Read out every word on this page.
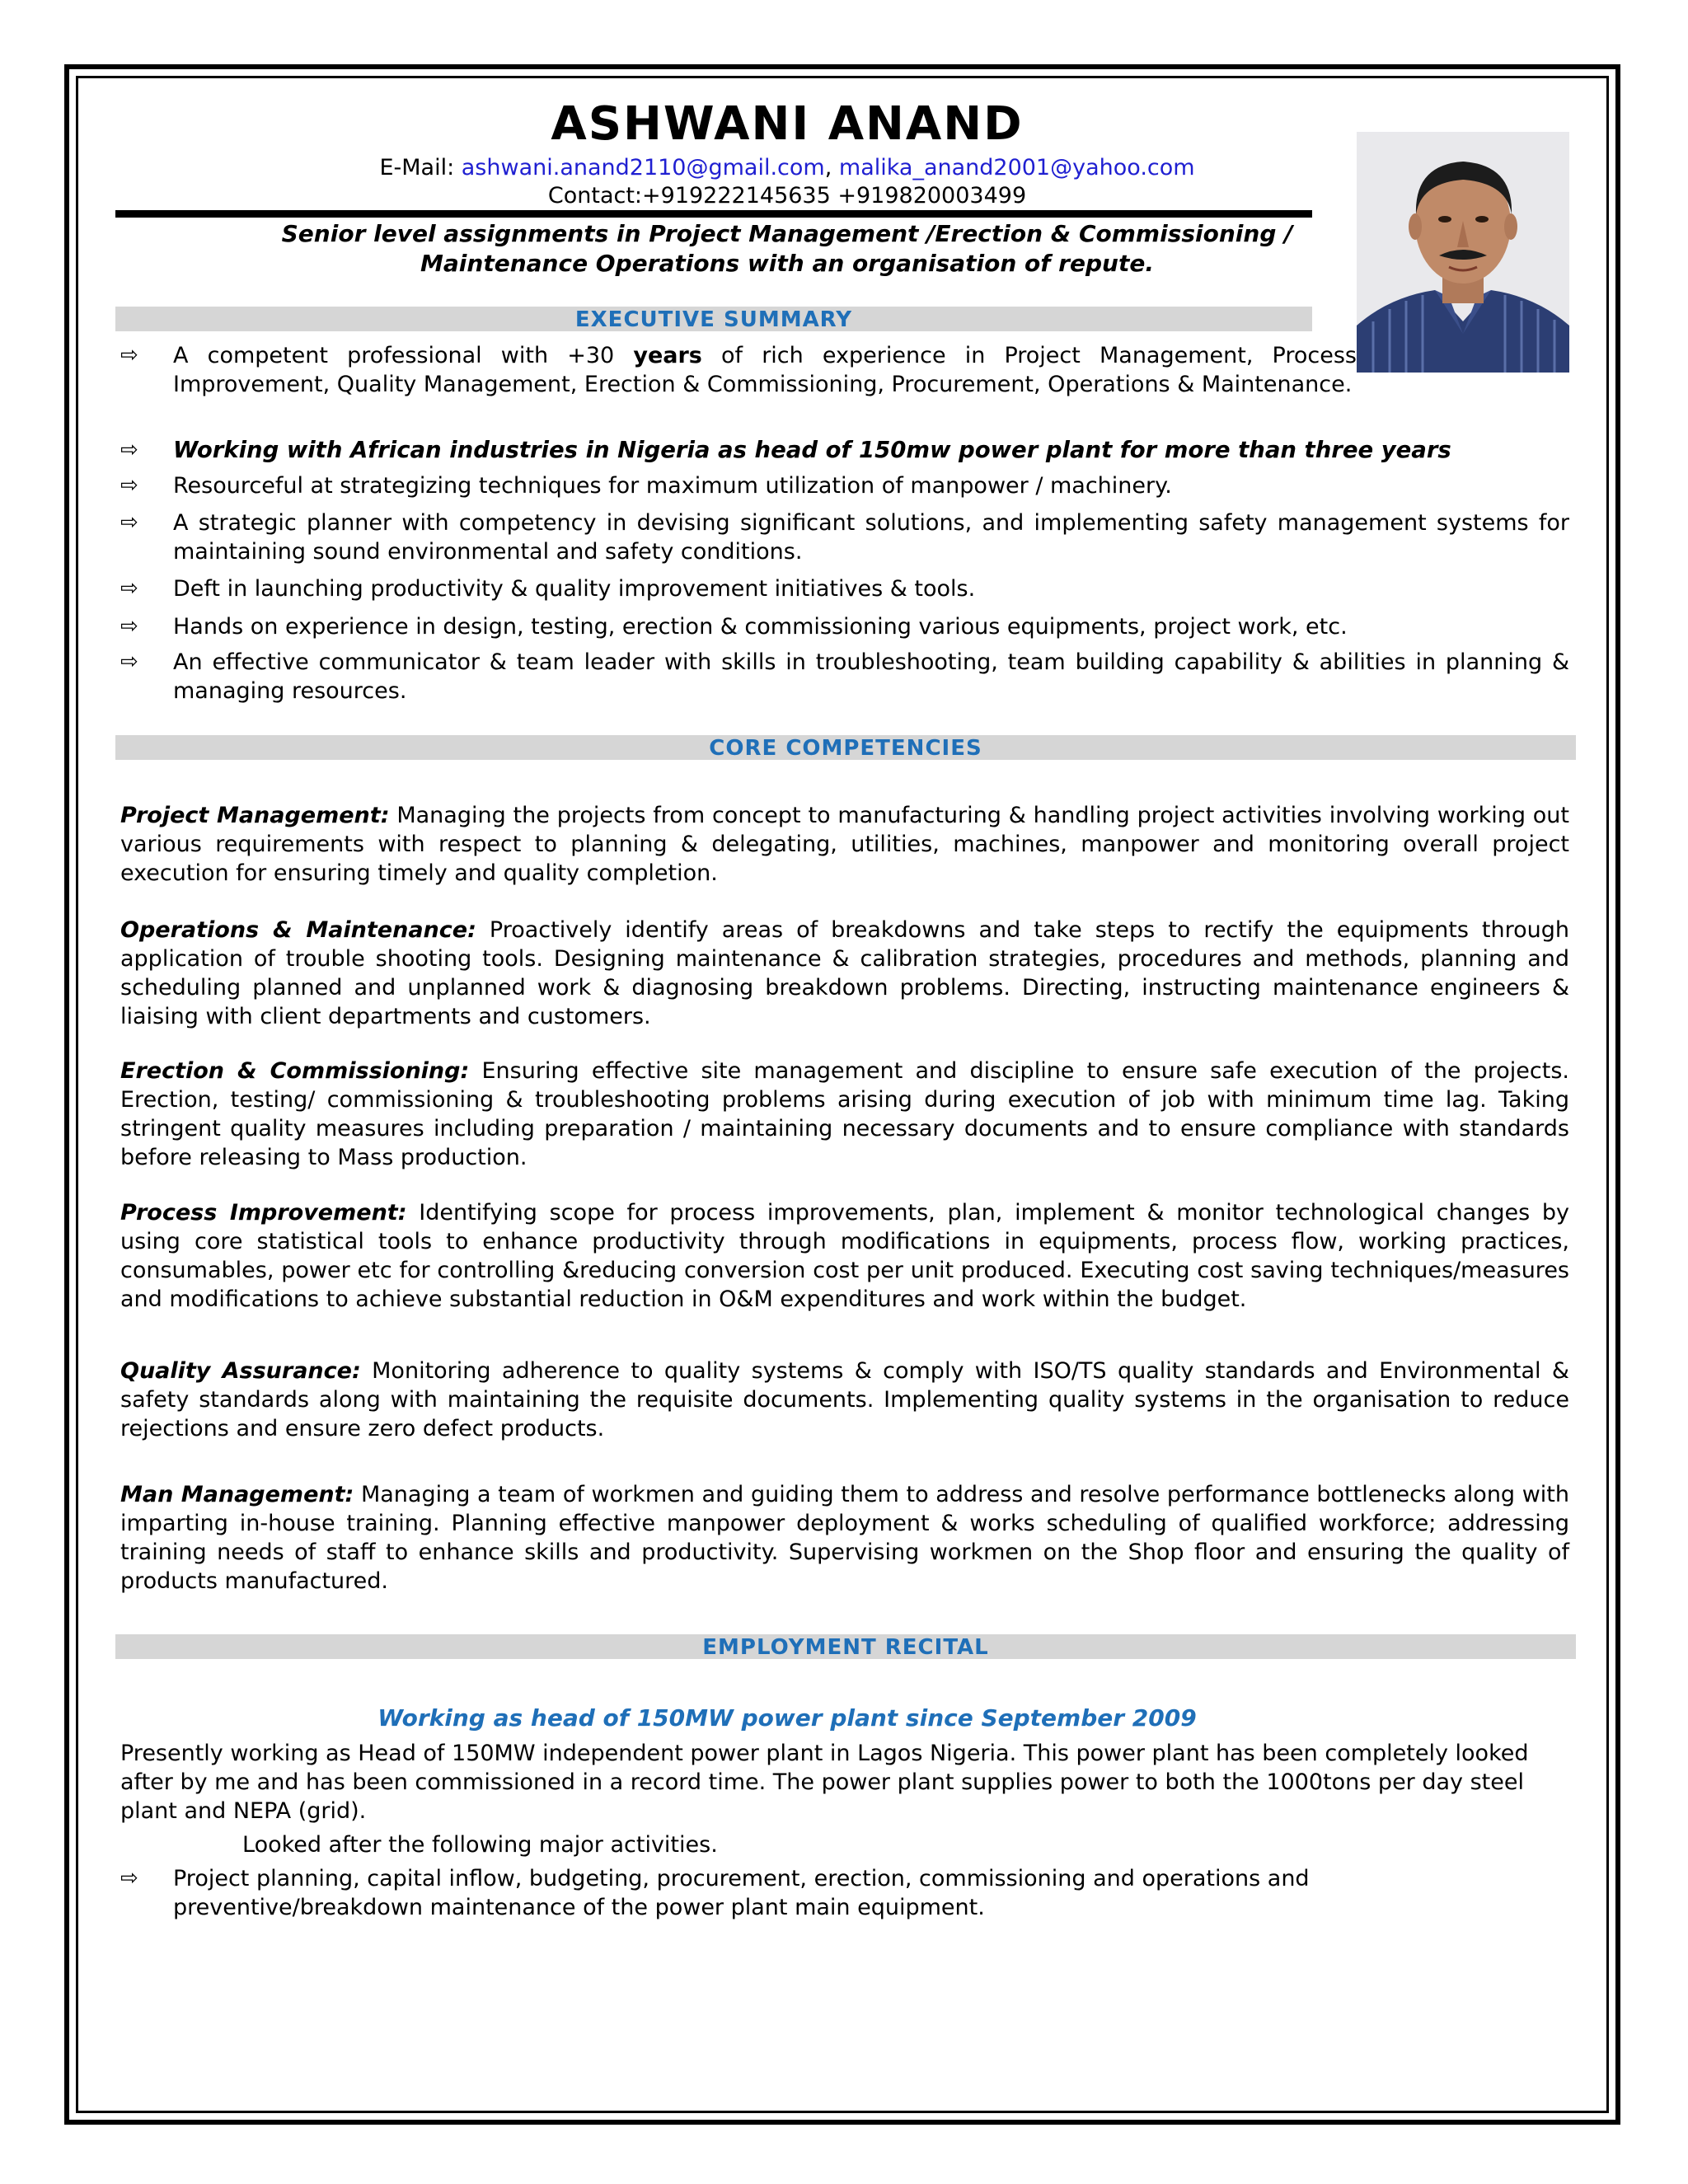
ASHWANI ANAND
E-Mail: ashwani.anand2110@gmail.com, malika_anand2001@yahoo.com
Contact:+919222145635 +919820003499
Senior level assignments in Project Management /Erection & Commissioning /
Maintenance Operations with an organisation of repute.
EXECUTIVE SUMMARY
⇨	A competent professional with +30 years of rich experience in Project Management, Process Improvement, Quality Management, Erection & Commissioning, Procurement, Operations & Maintenance.
⇨	Working with African industries in Nigeria as head of 150mw power plant for more than three years
⇨	Resourceful at strategizing techniques for maximum utilization of manpower / machinery.
⇨	A strategic planner with competency in devising significant solutions, and implementing safety management systems for maintaining sound environmental and safety conditions.
⇨	Deft in launching productivity & quality improvement initiatives & tools.
⇨	Hands on experience in design, testing, erection & commissioning various equipments, project work, etc.
⇨	An effective communicator & team leader with skills in troubleshooting, team building capability & abilities in planning & managing resources.
CORE COMPETENCIES
Project Management: Managing the projects from concept to manufacturing & handling project activities involving working out various requirements with respect to planning & delegating, utilities, machines, manpower and monitoring overall project execution for ensuring timely and quality completion.
Operations & Maintenance: Proactively identify areas of breakdowns and take steps to rectify the equipments through application of trouble shooting tools. Designing maintenance & calibration strategies, procedures and methods, planning and scheduling planned and unplanned work & diagnosing breakdown problems. Directing, instructing maintenance engineers & liaising with client departments and customers.
Erection & Commissioning: Ensuring effective site management and discipline to ensure safe execution of the projects. Erection, testing/ commissioning & troubleshooting problems arising during execution of job with minimum time lag. Taking stringent quality measures including preparation / maintaining necessary documents and to ensure compliance with standards before releasing to Mass production.
Process Improvement: Identifying scope for process improvements, plan, implement & monitor technological changes by using core statistical tools to enhance productivity through modifications in equipments, process flow, working practices, consumables, power etc for controlling &reducing conversion cost per unit produced. Executing cost saving techniques/measures and modifications to achieve substantial reduction in O&M expenditures and work within the budget.
Quality Assurance: Monitoring adherence to quality systems & comply with ISO/TS quality standards and Environmental & safety standards along with maintaining the requisite documents. Implementing quality systems in the organisation to reduce rejections and ensure zero defect products.
Man Management: Managing a team of workmen and guiding them to address and resolve performance bottlenecks along with imparting in-house training. Planning effective manpower deployment & works scheduling of qualified workforce; addressing training needs of staff to enhance skills and productivity. Supervising workmen on the Shop floor and ensuring the quality of products manufactured.
EMPLOYMENT RECITAL
Working as head of 150MW power plant since September 2009
Presently working as Head of 150MW independent power plant in Lagos Nigeria. This power plant has been completely looked after by me and has been commissioned in a record time. The power plant supplies power to both the 1000tons per day steel plant and NEPA (grid).
Looked after the following major activities.
⇨	Project planning, capital inflow, budgeting, procurement, erection, commissioning and operations and preventive/breakdown maintenance of the power plant main equipment.
